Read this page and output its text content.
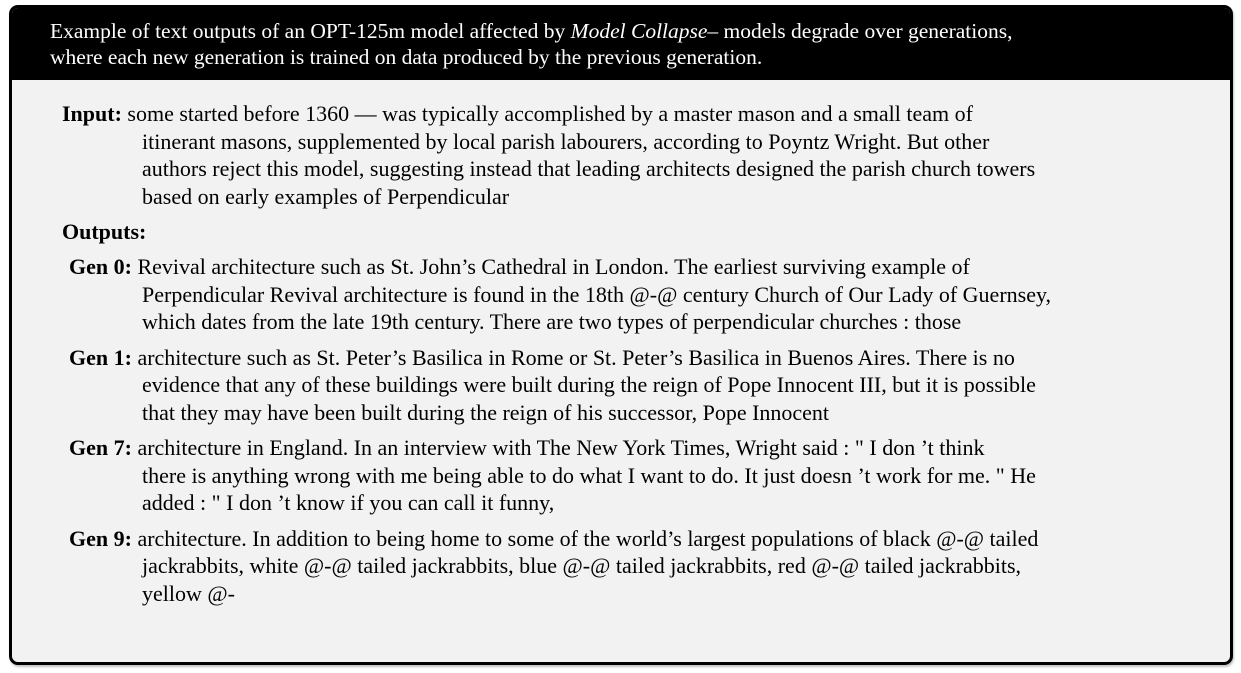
Example of text outputs of an OPT-125m model affected by Model Collapse– models degrade over generations,
where each new generation is trained on data produced by the previous generation.
Input: some started before 1360 — was typically accomplished by a master mason and a small team of
itinerant masons, supplemented by local parish labourers, according to Poyntz Wright. But other
authors reject this model, suggesting instead that leading architects designed the parish church towers
based on early examples of Perpendicular
Outputs:
Gen 0: Revival architecture such as St. John’s Cathedral in London. The earliest surviving example of
Perpendicular Revival architecture is found in the 18th @-@ century Church of Our Lady of Guernsey,
which dates from the late 19th century. There are two types of perpendicular churches : those
Gen 1: architecture such as St. Peter’s Basilica in Rome or St. Peter’s Basilica in Buenos Aires. There is no
evidence that any of these buildings were built during the reign of Pope Innocent III, but it is possible
that they may have been built during the reign of his successor, Pope Innocent
Gen 7: architecture in England. In an interview with The New York Times, Wright said : " I don ’t think
there is anything wrong with me being able to do what I want to do. It just doesn ’t work for me. " He
added : " I don ’t know if you can call it funny,
Gen 9: architecture. In addition to being home to some of the world’s largest populations of black @-@ tailed
jackrabbits, white @-@ tailed jackrabbits, blue @-@ tailed jackrabbits, red @-@ tailed jackrabbits,
yellow @-
